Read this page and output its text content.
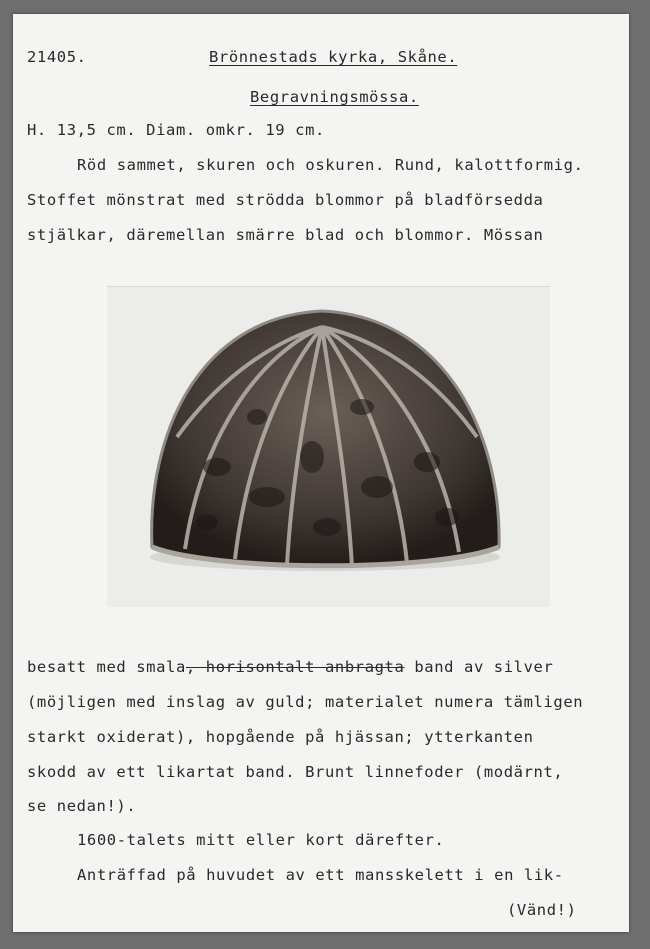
21405.	Brönnestads kyrka, Skåne.
Begravningsmössa.
H. 13,5 cm. Diam. omkr. 19 cm.
Röd sammet, skuren och oskuren. Rund, kalottformig.
Stoffet mönstrat med strödda blommor på bladförsedda
stjälkar, däremellan smärre blad och blommor. Mössan
besatt med smala, horisontalt anbragta band av silver
(möjligen med inslag av guld; materialet numera tämligen
starkt oxiderat), hopgående på hjässan; ytterkanten
skodd av ett likartat band. Brunt linnefoder (modärnt,
se nedan!).
1600-talets mitt eller kort därefter.
Anträffad på huvudet av ett mansskelett i en lik-
(Vänd!)
